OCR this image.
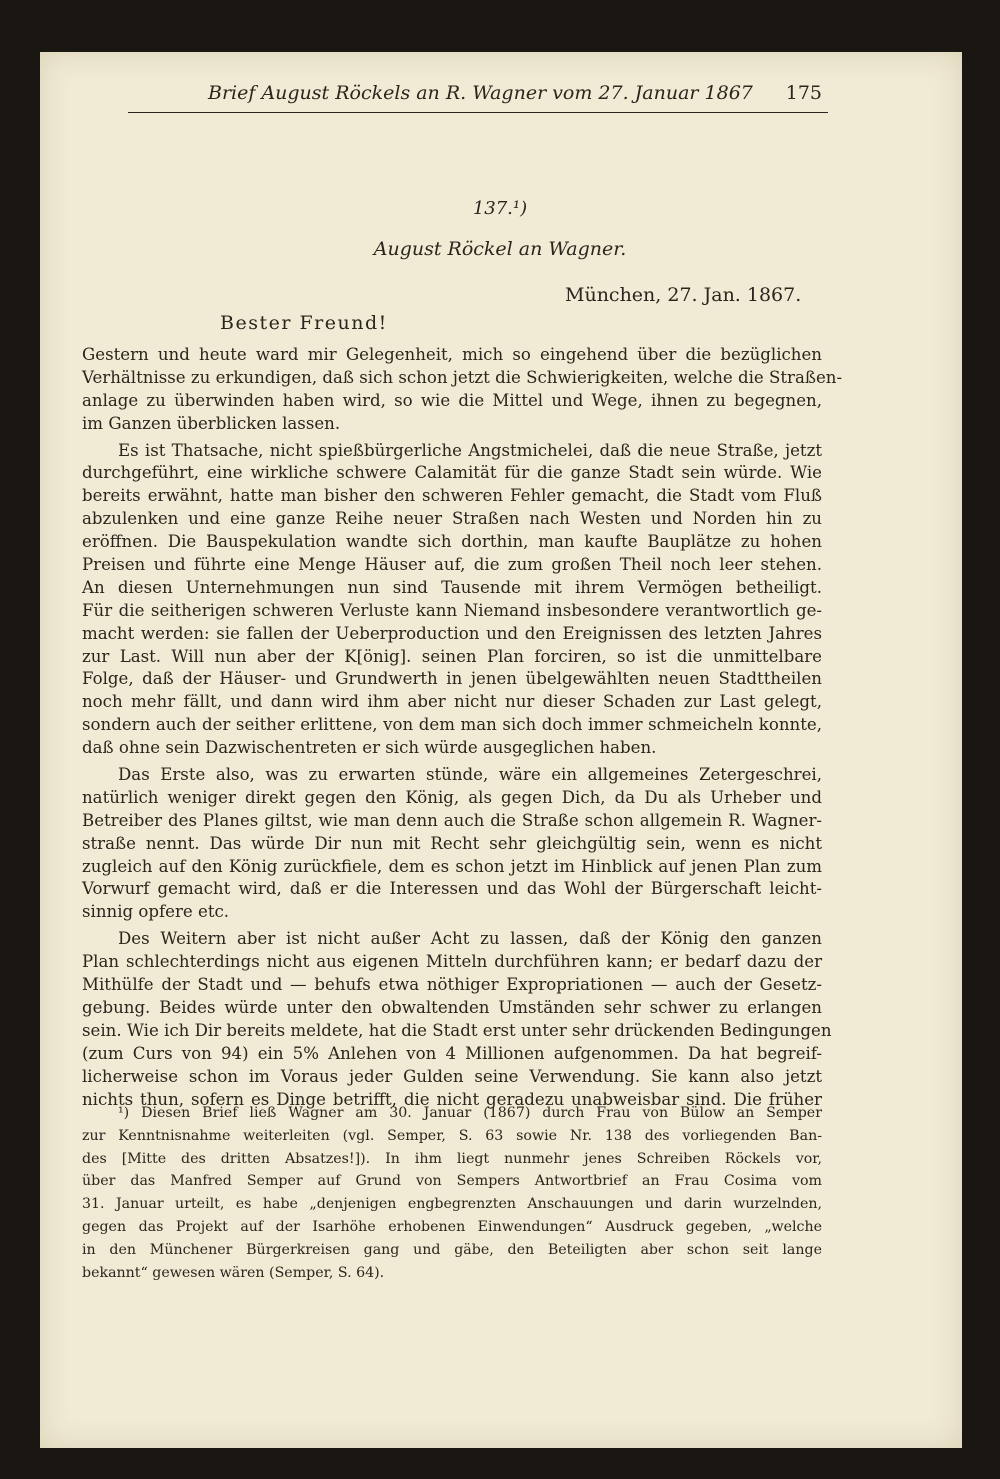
Brief August Röckels an R. Wagner vom 27. Januar 1867 175
137.¹)
August Röckel an Wagner.
München, 27. Jan. 1867.
Bester Freund!
Gestern und heute ward mir Gelegenheit, mich so eingehend über die bezüglichen
Verhältnisse zu erkundigen, daß sich schon jetzt die Schwierigkeiten, welche die Straßen-
anlage zu überwinden haben wird, so wie die Mittel und Wege, ihnen zu begegnen,
im Ganzen überblicken lassen.
Es ist Thatsache, nicht spießbürgerliche Angstmichelei, daß die neue Straße, jetzt
durchgeführt, eine wirkliche schwere Calamität für die ganze Stadt sein würde. Wie
bereits erwähnt, hatte man bisher den schweren Fehler gemacht, die Stadt vom Fluß
abzulenken und eine ganze Reihe neuer Straßen nach Westen und Norden hin zu
eröffnen. Die Bauspekulation wandte sich dorthin, man kaufte Bauplätze zu hohen
Preisen und führte eine Menge Häuser auf, die zum großen Theil noch leer stehen.
An diesen Unternehmungen nun sind Tausende mit ihrem Vermögen betheiligt.
Für die seitherigen schweren Verluste kann Niemand insbesondere verantwortlich ge-
macht werden: sie fallen der Ueberproduction und den Ereignissen des letzten Jahres
zur Last. Will nun aber der K[önig]. seinen Plan forciren, so ist die unmittelbare
Folge, daß der Häuser- und Grundwerth in jenen übelgewählten neuen Stadttheilen
noch mehr fällt, und dann wird ihm aber nicht nur dieser Schaden zur Last gelegt,
sondern auch der seither erlittene, von dem man sich doch immer schmeicheln konnte,
daß ohne sein Dazwischentreten er sich würde ausgeglichen haben.
Das Erste also, was zu erwarten stünde, wäre ein allgemeines Zetergeschrei,
natürlich weniger direkt gegen den König, als gegen Dich, da Du als Urheber und
Betreiber des Planes giltst, wie man denn auch die Straße schon allgemein R. Wagner-
straße nennt. Das würde Dir nun mit Recht sehr gleichgültig sein, wenn es nicht
zugleich auf den König zurückfiele, dem es schon jetzt im Hinblick auf jenen Plan zum
Vorwurf gemacht wird, daß er die Interessen und das Wohl der Bürgerschaft leicht-
sinnig opfere etc.
Des Weitern aber ist nicht außer Acht zu lassen, daß der König den ganzen
Plan schlechterdings nicht aus eigenen Mitteln durchführen kann; er bedarf dazu der
Mithülfe der Stadt und — behufs etwa nöthiger Expropriationen — auch der Gesetz-
gebung. Beides würde unter den obwaltenden Umständen sehr schwer zu erlangen
sein. Wie ich Dir bereits meldete, hat die Stadt erst unter sehr drückenden Bedingungen
(zum Curs von 94) ein 5% Anlehen von 4 Millionen aufgenommen. Da hat begreif-
licherweise schon im Voraus jeder Gulden seine Verwendung. Sie kann also jetzt
nichts thun, sofern es Dinge betrifft, die nicht geradezu unabweisbar sind. Die früher
¹) Diesen Brief ließ Wagner am 30. Januar (1867) durch Frau von Bülow an Semper
zur Kenntnisnahme weiterleiten (vgl. Semper, S. 63 sowie Nr. 138 des vorliegenden Ban-
des [Mitte des dritten Absatzes!]). In ihm liegt nunmehr jenes Schreiben Röckels vor,
über das Manfred Semper auf Grund von Sempers Antwortbrief an Frau Cosima vom
31. Januar urteilt, es habe „denjenigen engbegrenzten Anschauungen und darin wurzelnden,
gegen das Projekt auf der Isarhöhe erhobenen Einwendungen“ Ausdruck gegeben, „welche
in den Münchener Bürgerkreisen gang und gäbe, den Beteiligten aber schon seit lange
bekannt“ gewesen wären (Semper, S. 64).
